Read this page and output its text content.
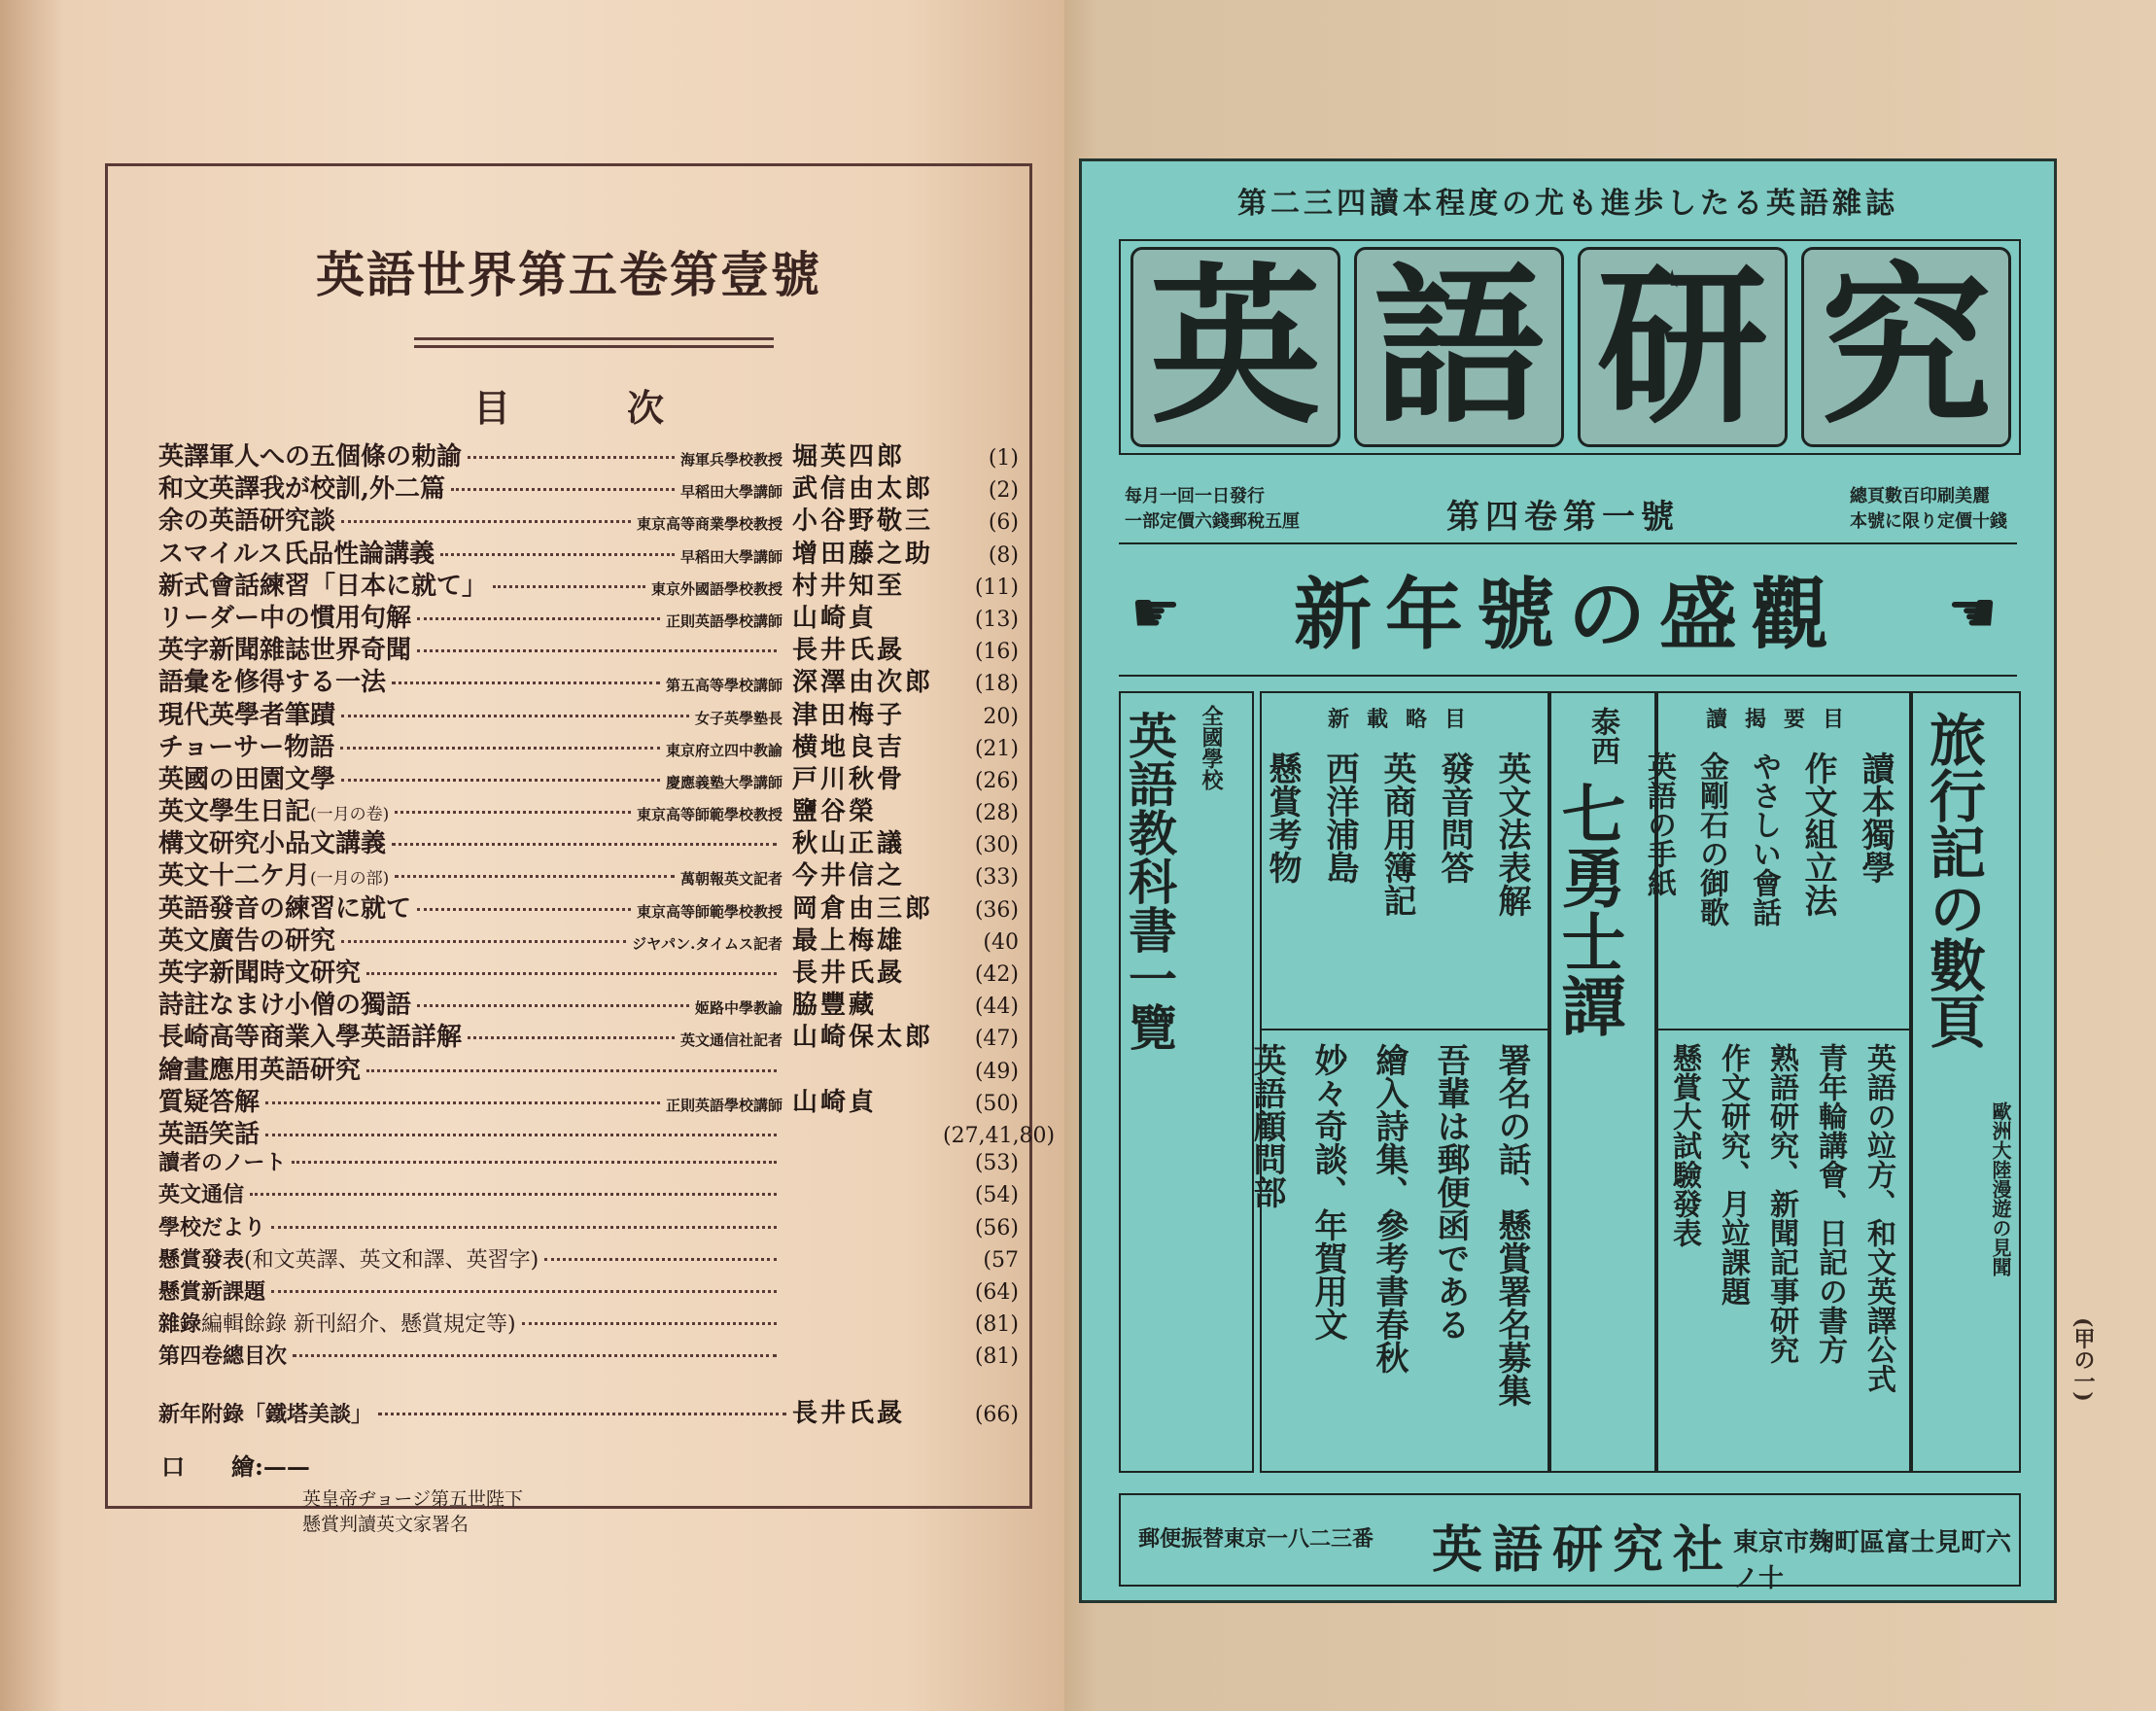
英語世界第五卷第壹號
目次
英譯軍人への五個條の勅諭	海軍兵學校教授 堀英四郎	(1)
和文英譯我が校訓,外二篇	早稻田大學講師 武信由太郎	(2)
余の英語研究談	東京高等商業學校教授 小谷野敬三	(6)
スマイルス氏品性論講義	早稻田大學講師 增田藤之助	(8)
新式會話練習「日本に就て」	東京外國語學校教授 村井知至	(11)
リーダー中の慣用句解	正則英語學校講師 山崎貞	(13)
英字新聞雜誌世界奇聞	長井氏晸	(16)
語彙を修得する一法	第五高等學校講師 深澤由次郎	(18)
現代英學者筆蹟	女子英學塾長 津田梅子	20)
チョーサー物語	東京府立四中教諭 横地良吉	(21)
英國の田園文學	慶應義塾大學講師 戸川秋骨	(26)
英文學生日記 (一月の卷)	東京高等師範學校教授 鹽谷榮	(28)
構文研究小品文講義	秋山正議	(30)
英文十二ケ月 (一月の部)	萬朝報英文記者 今井信之	(33)
英語發音の練習に就て	東京高等師範學校教授 岡倉由三郎	(36)
英文廣告の研究	ジヤパン.タイムス記者 最上梅雄	(40
英字新聞時文研究	長井氏晸	(42)
詩註なまけ小僧の獨語	姬路中學教諭 脇豐藏	(44)
長崎高等商業入學英語詳解	英文通信社記者 山崎保太郎	(47)
繪畫應用英語研究	(49)
質疑答解	正則英語學校講師 山崎貞	(50)
英語笑話	(27,41,80)
讀者のノート	(53)
英文通信	(54)
學校だより	(56)
懸賞發表 (和文英譯、英文和譯、英習字)	(57
懸賞新課題	(64)
雜錄 編輯餘錄 新刊紹介、懸賞規定等)	(81)
第四卷總目次	(81)
新年附錄「鐵塔美談」	長井氏晸	(66)
口　　繪:——
英皇帝ヂョージ第五世陛下
懸賞判讀英文家署名
第二三四讀本程度の尤も進歩したる英語雜誌
英 語 研 究
每月一回一日發行
一部定價六錢郵稅五厘	第四卷第一號
總頁數百印刷美麗
本號に限り定價十錢
☛	新年號の盛觀	☚
全國學校
英語教科書一覽	新載略目
英文法表解
發音問答
英商用簿記
西洋浦島
懸賞考物
署名の話、懸賞署名募集
吾輩は郵便函である
繪入詩集、參考書春秋
妙々奇談、年賀用文
英語顧問部
泰西
七勇士譚
讀揭要目
讀本獨學
作文組立法
やさしい會話
金剛石の御歌
英語の手紙
英語の竝方、和文英譯公式
青年輪講會、日記の書方
熟語研究、新聞記事研究
作文研究、月竝課題
懸賞大試驗發表
旅行記の數頁
歐洲大陸漫遊の見聞
郵便振替東京一八二三番 英語研究社 東京市麹町區富士見町六ノ十
(甲の一)
